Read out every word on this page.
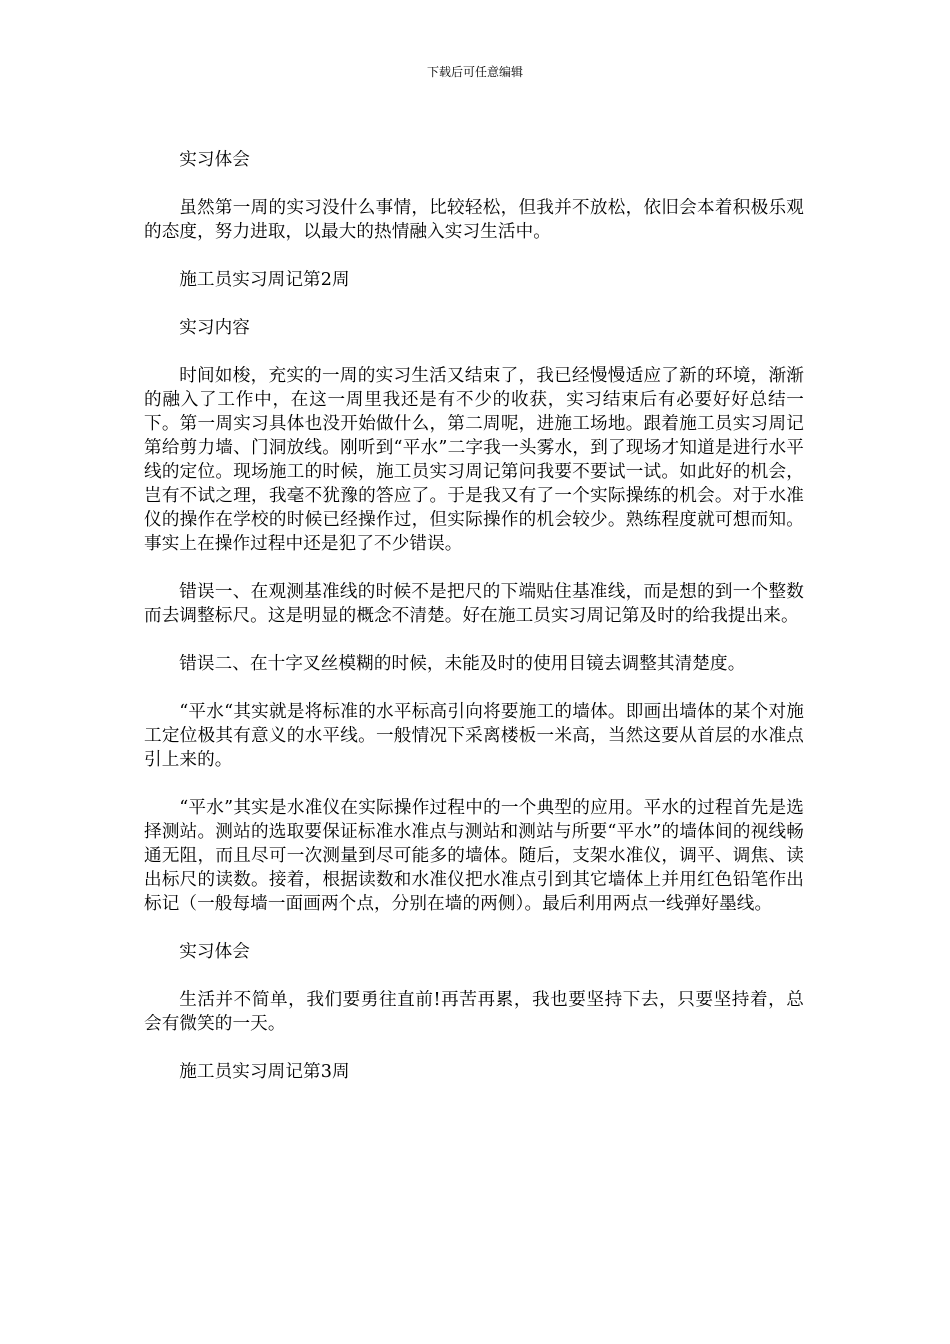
下载后可任意编辑

实习体会

虽然第一周的实习没什么事情，比较轻松，但我并不放松，依旧会本着积极乐观的态度，努力进取，以最大的热情融入实习生活中。

施工员实习周记第2周

实习内容

时间如梭，充实的一周的实习生活又结束了，我已经慢慢适应了新的环境，渐渐的融入了工作中，在这一周里我还是有不少的收获，实习结束后有必要好好总结一下。第一周实习具体也没开始做什么，第二周呢，进施工场地。跟着施工员实习周记第给剪力墙、门洞放线。刚听到“平水”二字我一头雾水，到了现场才知道是进行水平线的定位。现场施工的时候，施工员实习周记第问我要不要试一试。如此好的机会，岂有不试之理，我毫不犹豫的答应了。于是我又有了一个实际操练的机会。对于水准仪的操作在学校的时候已经操作过，但实际操作的机会较少。熟练程度就可想而知。事实上在操作过程中还是犯了不少错误。

错误一、在观测基准线的时候不是把尺的下端贴住基准线，而是想的到一个整数而去调整标尺。这是明显的概念不清楚。好在施工员实习周记第及时的给我提出来。

错误二、在十字叉丝模糊的时候，未能及时的使用目镜去调整其清楚度。

“平水“其实就是将标准的水平标高引向将要施工的墙体。即画出墙体的某个对施工定位极其有意义的水平线。一般情况下采离楼板一米高，当然这要从首层的水准点引上来的。

“平水”其实是水准仪在实际操作过程中的一个典型的应用。平水的过程首先是选择测站。测站的选取要保证标准水准点与测站和测站与所要“平水”的墙体间的视线畅通无阻，而且尽可一次测量到尽可能多的墙体。随后，支架水准仪，调平、调焦、读出标尺的读数。接着，根据读数和水准仪把水准点引到其它墙体上并用红色铅笔作出标记（一般每墙一面画两个点，分别在墙的两侧）。最后利用两点一线弹好墨线。

实习体会

生活并不简单，我们要勇往直前!再苦再累，我也要坚持下去，只要坚持着，总会有微笑的一天。

施工员实习周记第3周
